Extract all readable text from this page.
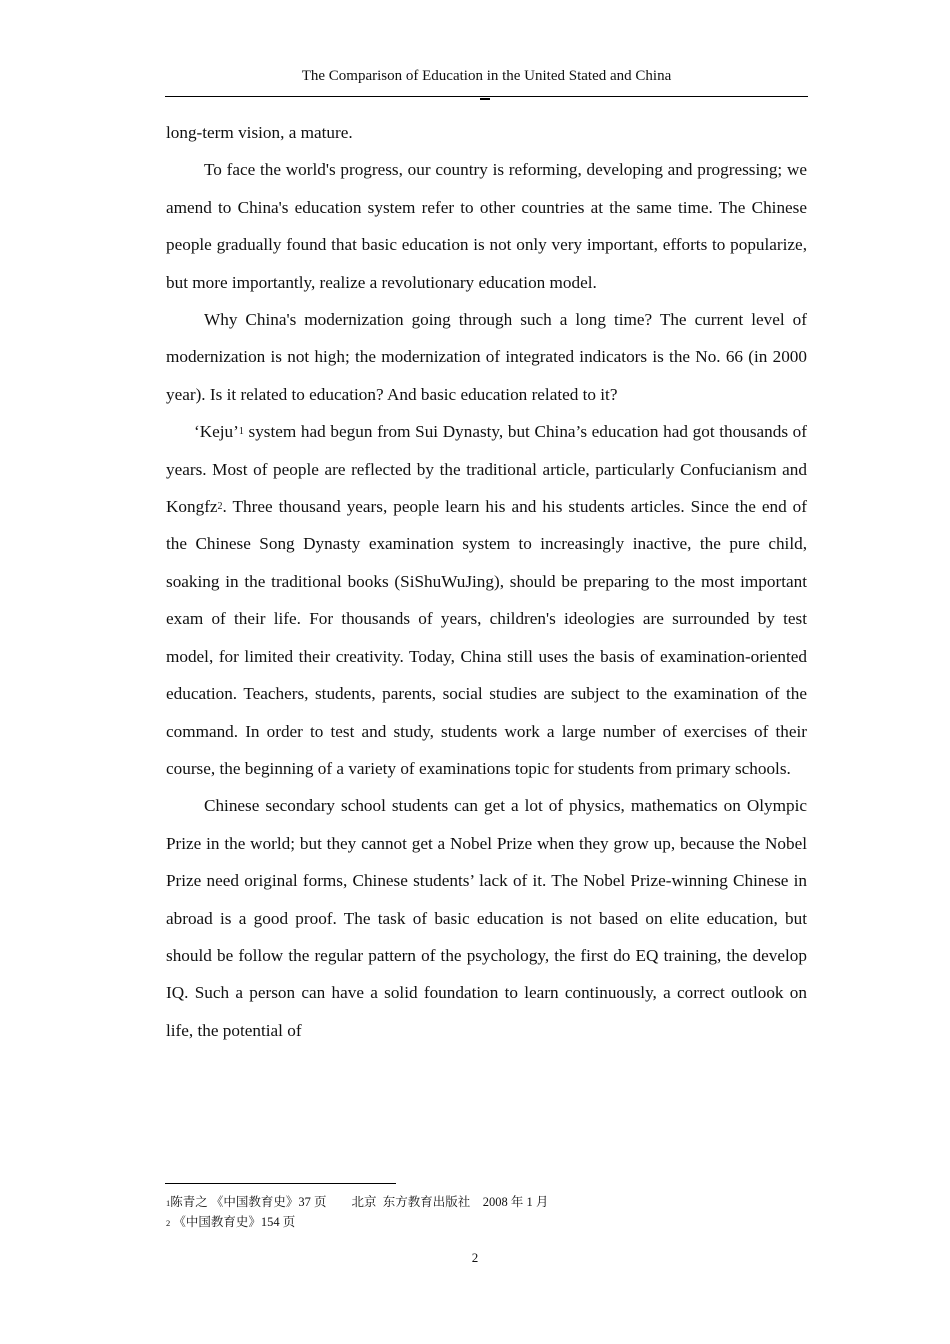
The Comparison of Education in the United Stated and China

long-term vision, a mature.

To face the world's progress, our country is reforming, developing and progressing; we amend to China's education system refer to other countries at the same time. The Chinese people gradually found that basic education is not only very important, efforts to popularize, but more importantly, realize a revolutionary education model.

Why China's modernization going through such a long time? The current level of modernization is not high; the modernization of integrated indicators is the No. 66 (in 2000 year). Is it related to education? And basic education related to it?

‘Keju’$^1$ system had begun from Sui Dynasty, but China’s education had got thousands of years. Most of people are reflected by the traditional article, particularly Confucianism and Kongfz$^2$. Three thousand years, people learn his and his students articles. Since the end of the Chinese Song Dynasty examination system to increasingly inactive, the pure child, soaking in the traditional books (SiShuWuJing), should be preparing to the most important exam of their life. For thousands of years, children's ideologies are surrounded by test model, for limited their creativity. Today, China still uses the basis of examination-oriented education. Teachers, students, parents, social studies are subject to the examination of the command. In order to test and study, students work a large number of exercises of their course, the beginning of a variety of examinations topic for students from primary schools.

Chinese secondary school students can get a lot of physics, mathematics on Olympic Prize in the world; but they cannot get a Nobel Prize when they grow up, because the Nobel Prize need original forms, Chinese students’ lack of it. The Nobel Prize-winning Chinese in abroad is a good proof. The task of basic education is not based on elite education, but should be follow the regular pattern of the psychology, the first do EQ training, the develop IQ. Such a person can have a solid foundation to learn continuously, a correct outlook on life, the potential of

1陈青之 《中国教育史》37 页        北京  东方教育出版社    2008 年 1 月
2 《中国教育史》154 页
2
